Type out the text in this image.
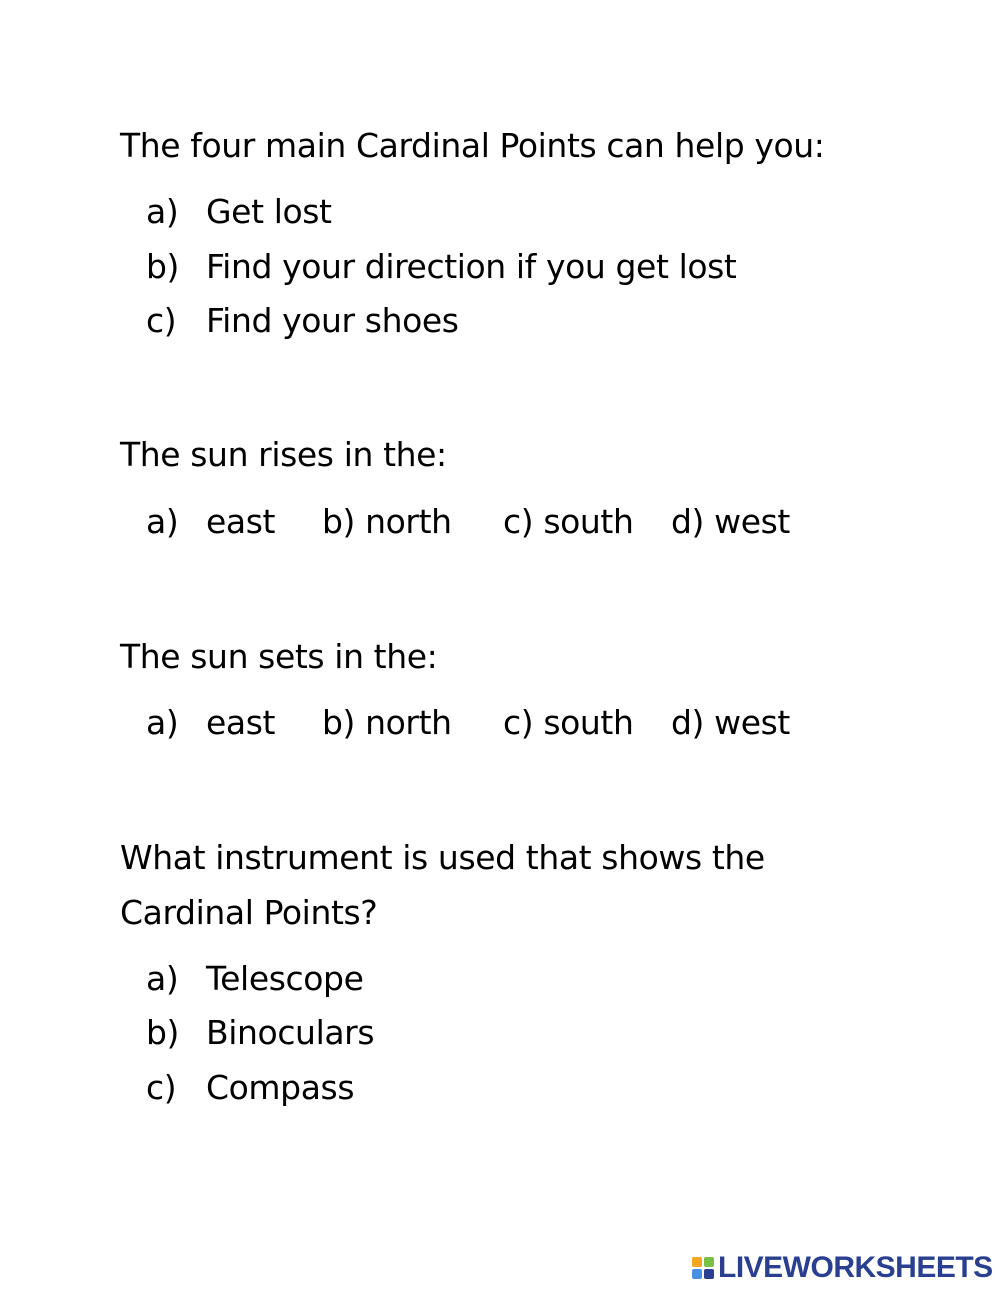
The four main Cardinal Points can help you:
a) Get lost
b) Find your direction if you get lost
c) Find your shoes
The sun rises in the:
a) east b) north c) south d) west
The sun sets in the:
a) east b) north c) south d) west
What instrument is used that shows the
Cardinal Points?
a) Telescope
b) Binoculars
c) Compass
LIVEWORKSHEETS
